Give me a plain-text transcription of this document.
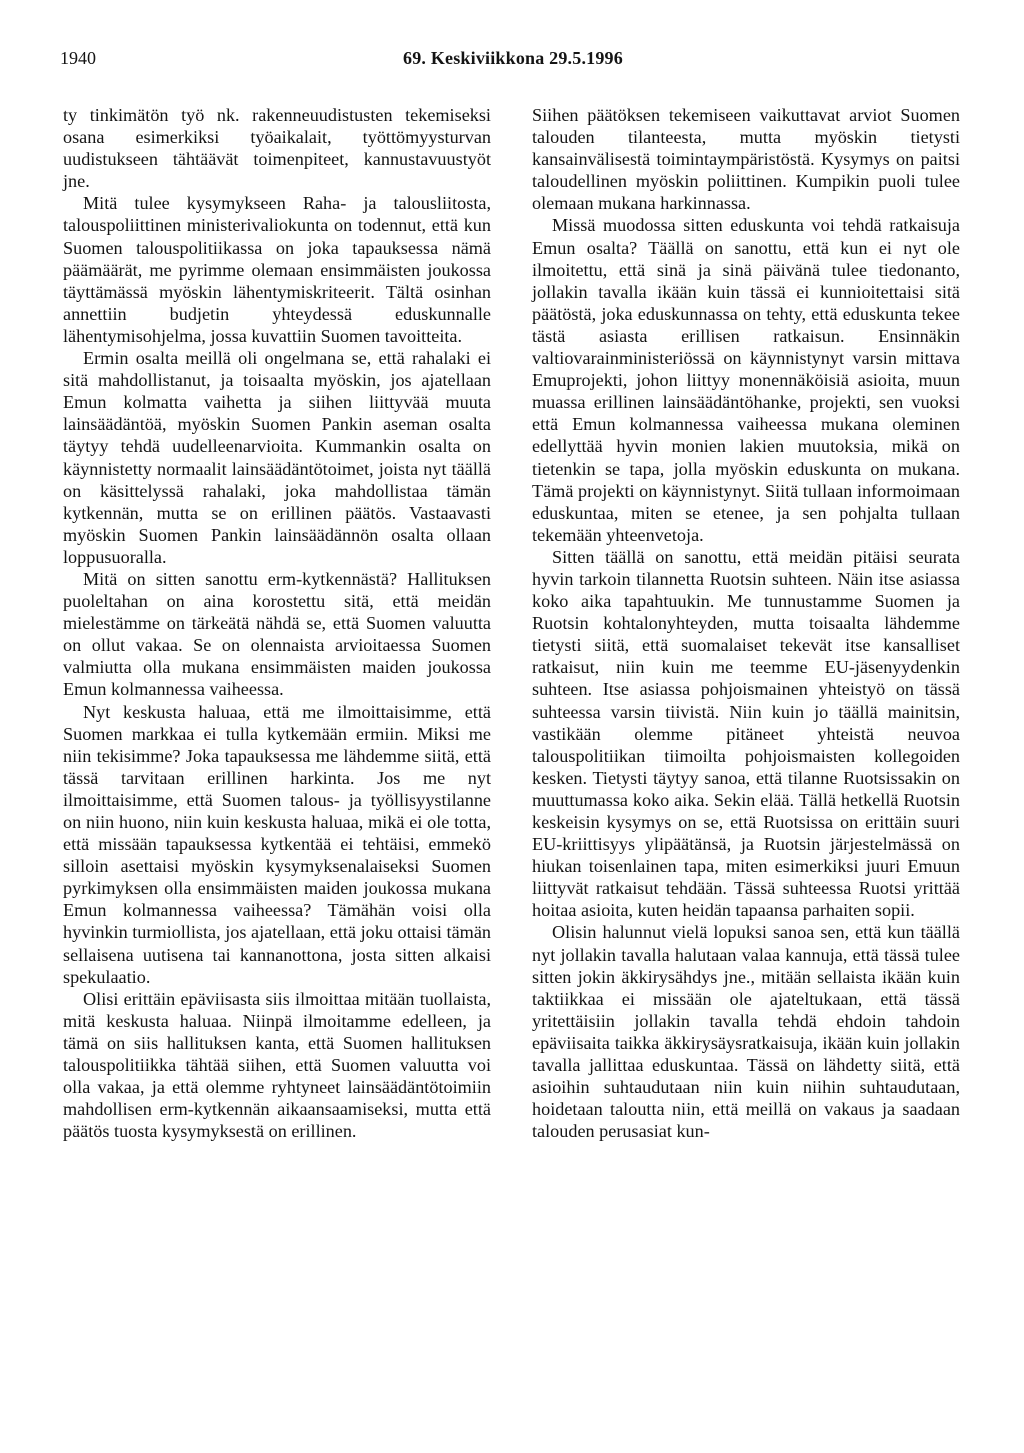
1940	69. Keskiviikkona 29.5.1996

ty tinkimätön työ nk. rakenneuudistusten tekemiseksi osana esimerkiksi työaikalait, työttömyysturvan uudistukseen tähtäävät toimenpiteet, kannustavuustyöt jne.

Mitä tulee kysymykseen Raha- ja talousliitosta, talouspoliittinen ministerivaliokunta on todennut, että kun Suomen talouspolitiikassa on joka tapauksessa nämä päämäärät, me pyrimme olemaan ensimmäisten joukossa täyttämässä myöskin lähentymiskriteerit. Tältä osinhan annettiin budjetin yhteydessä eduskunnalle lähentymisohjelma, jossa kuvattiin Suomen tavoitteita.

Ermin osalta meillä oli ongelmana se, että rahalaki ei sitä mahdollistanut, ja toisaalta myöskin, jos ajatellaan Emun kolmatta vaihetta ja siihen liittyvää muuta lainsäädäntöä, myöskin Suomen Pankin aseman osalta täytyy tehdä uudelleenarvioita. Kummankin osalta on käynnistetty normaalit lainsäädäntötoimet, joista nyt täällä on käsittelyssä rahalaki, joka mahdollistaa tämän kytkennän, mutta se on erillinen päätös. Vastaavasti myöskin Suomen Pankin lainsäädännön osalta ollaan loppusuoralla.

Mitä on sitten sanottu erm-kytkennästä? Hallituksen puoleltahan on aina korostettu sitä, että meidän mielestämme on tärkeätä nähdä se, että Suomen valuutta on ollut vakaa. Se on olennaista arvioitaessa Suomen valmiutta olla mukana ensimmäisten maiden joukossa Emun kolmannessa vaiheessa.

Nyt keskusta haluaa, että me ilmoittaisimme, että Suomen markkaa ei tulla kytkemään ermiin. Miksi me niin tekisimme? Joka tapauksessa me lähdemme siitä, että tässä tarvitaan erillinen harkinta. Jos me nyt ilmoittaisimme, että Suomen talous- ja työllisyystilanne on niin huono, niin kuin keskusta haluaa, mikä ei ole totta, että missään tapauksessa kytkentää ei tehtäisi, emmekö silloin asettaisi myöskin kysymyksenalaiseksi Suomen pyrkimyksen olla ensimmäisten maiden joukossa mukana Emun kolmannessa vaiheessa? Tämähän voisi olla hyvinkin turmiollista, jos ajatellaan, että joku ottaisi tämän sellaisena uutisena tai kannanottona, josta sitten alkaisi spekulaatio.

Olisi erittäin epäviisasta siis ilmoittaa mitään tuollaista, mitä keskusta haluaa. Niinpä ilmoitamme edelleen, ja tämä on siis hallituksen kanta, että Suomen hallituksen talouspolitiikka tähtää siihen, että Suomen valuutta voi olla vakaa, ja että olemme ryhtyneet lainsäädäntötoimiin mahdollisen erm-kytkennän aikaansaamiseksi, mutta että päätös tuosta kysymyksestä on erillinen.

Siihen päätöksen tekemiseen vaikuttavat arviot Suomen talouden tilanteesta, mutta myöskin tietysti kansainvälisestä toimintaympäristöstä. Kysymys on paitsi taloudellinen myöskin poliittinen. Kumpikin puoli tulee olemaan mukana harkinnassa.

Missä muodossa sitten eduskunta voi tehdä ratkaisuja Emun osalta? Täällä on sanottu, että kun ei nyt ole ilmoitettu, että sinä ja sinä päivänä tulee tiedonanto, jollakin tavalla ikään kuin tässä ei kunnioitettaisi sitä päätöstä, joka eduskunnassa on tehty, että eduskunta tekee tästä asiasta erillisen ratkaisun. Ensinnäkin valtiovarainministeriössä on käynnistynyt varsin mittava Emuprojekti, johon liittyy monennäköisiä asioita, muun muassa erillinen lainsäädäntöhanke, projekti, sen vuoksi että Emun kolmannessa vaiheessa mukana oleminen edellyttää hyvin monien lakien muutoksia, mikä on tietenkin se tapa, jolla myöskin eduskunta on mukana. Tämä projekti on käynnistynyt. Siitä tullaan informoimaan eduskuntaa, miten se etenee, ja sen pohjalta tullaan tekemään yhteenvetoja.

Sitten täällä on sanottu, että meidän pitäisi seurata hyvin tarkoin tilannetta Ruotsin suhteen. Näin itse asiassa koko aika tapahtuukin. Me tunnustamme Suomen ja Ruotsin kohtalonyhteyden, mutta toisaalta lähdemme tietysti siitä, että suomalaiset tekevät itse kansalliset ratkaisut, niin kuin me teemme EU-jäsenyydenkin suhteen. Itse asiassa pohjoismainen yhteistyö on tässä suhteessa varsin tiivistä. Niin kuin jo täällä mainitsin, vastikään olemme pitäneet yhteistä neuvoa talouspolitiikan tiimoilta pohjoismaisten kollegoiden kesken. Tietysti täytyy sanoa, että tilanne Ruotsissakin on muuttumassa koko aika. Sekin elää. Tällä hetkellä Ruotsin keskeisin kysymys on se, että Ruotsissa on erittäin suuri EU-kriittisyys ylipäätänsä, ja Ruotsin järjestelmässä on hiukan toisenlainen tapa, miten esimerkiksi juuri Emuun liittyvät ratkaisut tehdään. Tässä suhteessa Ruotsi yrittää hoitaa asioita, kuten heidän tapaansa parhaiten sopii.

Olisin halunnut vielä lopuksi sanoa sen, että kun täällä nyt jollakin tavalla halutaan valaa kannuja, että tässä tulee sitten jokin äkkirysähdys jne., mitään sellaista ikään kuin taktiikkaa ei missään ole ajateltukaan, että tässä yritettäisiin jollakin tavalla tehdä ehdoin tahdoin epäviisaita taikka äkkirysäysratkaisuja, ikään kuin jollakin tavalla jallittaa eduskuntaa. Tässä on lähdetty siitä, että asioihin suhtaudutaan niin kuin niihin suhtaudutaan, hoidetaan taloutta niin, että meillä on vakaus ja saadaan talouden perusasiat kun-
